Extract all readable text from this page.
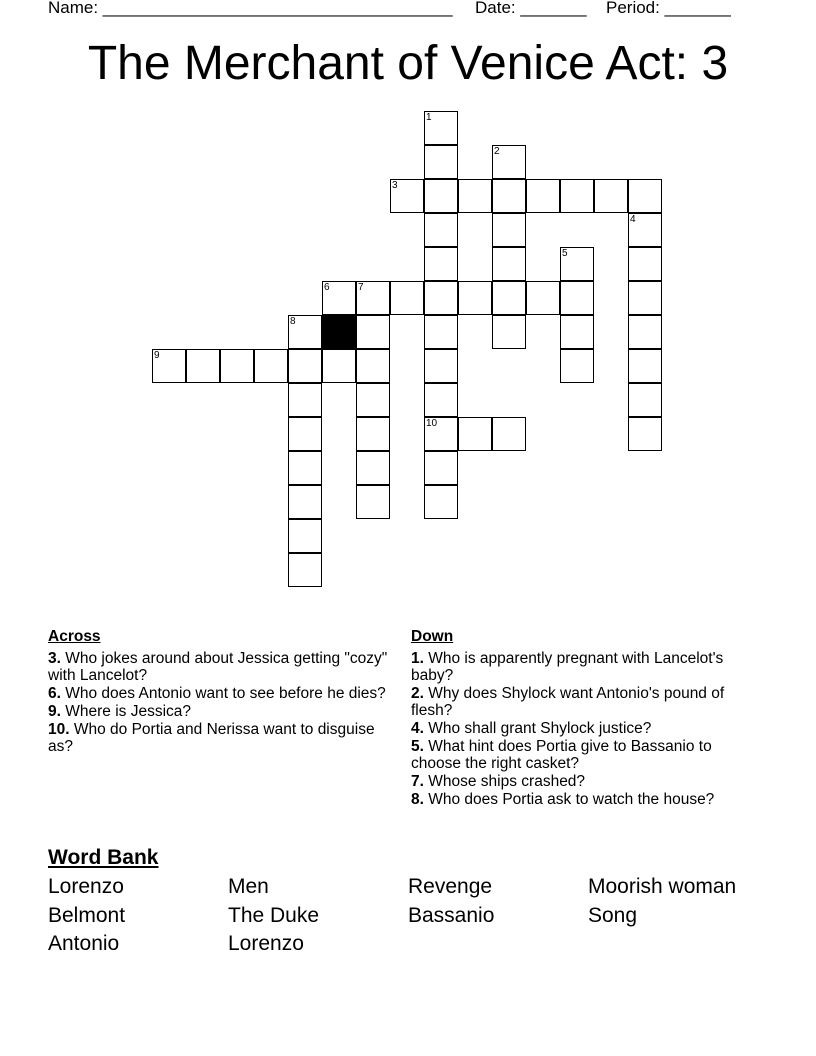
Name: _____________________________________ Date: _______ Period: _______
The Merchant of Venice Act: 3
1
10
2
3
4
5
6	7
8
9
Across
3. Who jokes around about Jessica getting "cozy" with Lancelot?
6. Who does Antonio want to see before he dies?
9. Where is Jessica?
10. Who do Portia and Nerissa want to disguise as?
Down
1. Who is apparently pregnant with Lancelot's baby?
2. Why does Shylock want Antonio's pound of flesh?
4. Who shall grant Shylock justice?
5. What hint does Portia give to Bassanio to choose the right casket?
7. Whose ships crashed?
8. Who does Portia ask to watch the house?
Word Bank
Lorenzo	Men	Revenge	Moorish woman
Belmont	The Duke	Bassanio	Song
Antonio	Lorenzo
